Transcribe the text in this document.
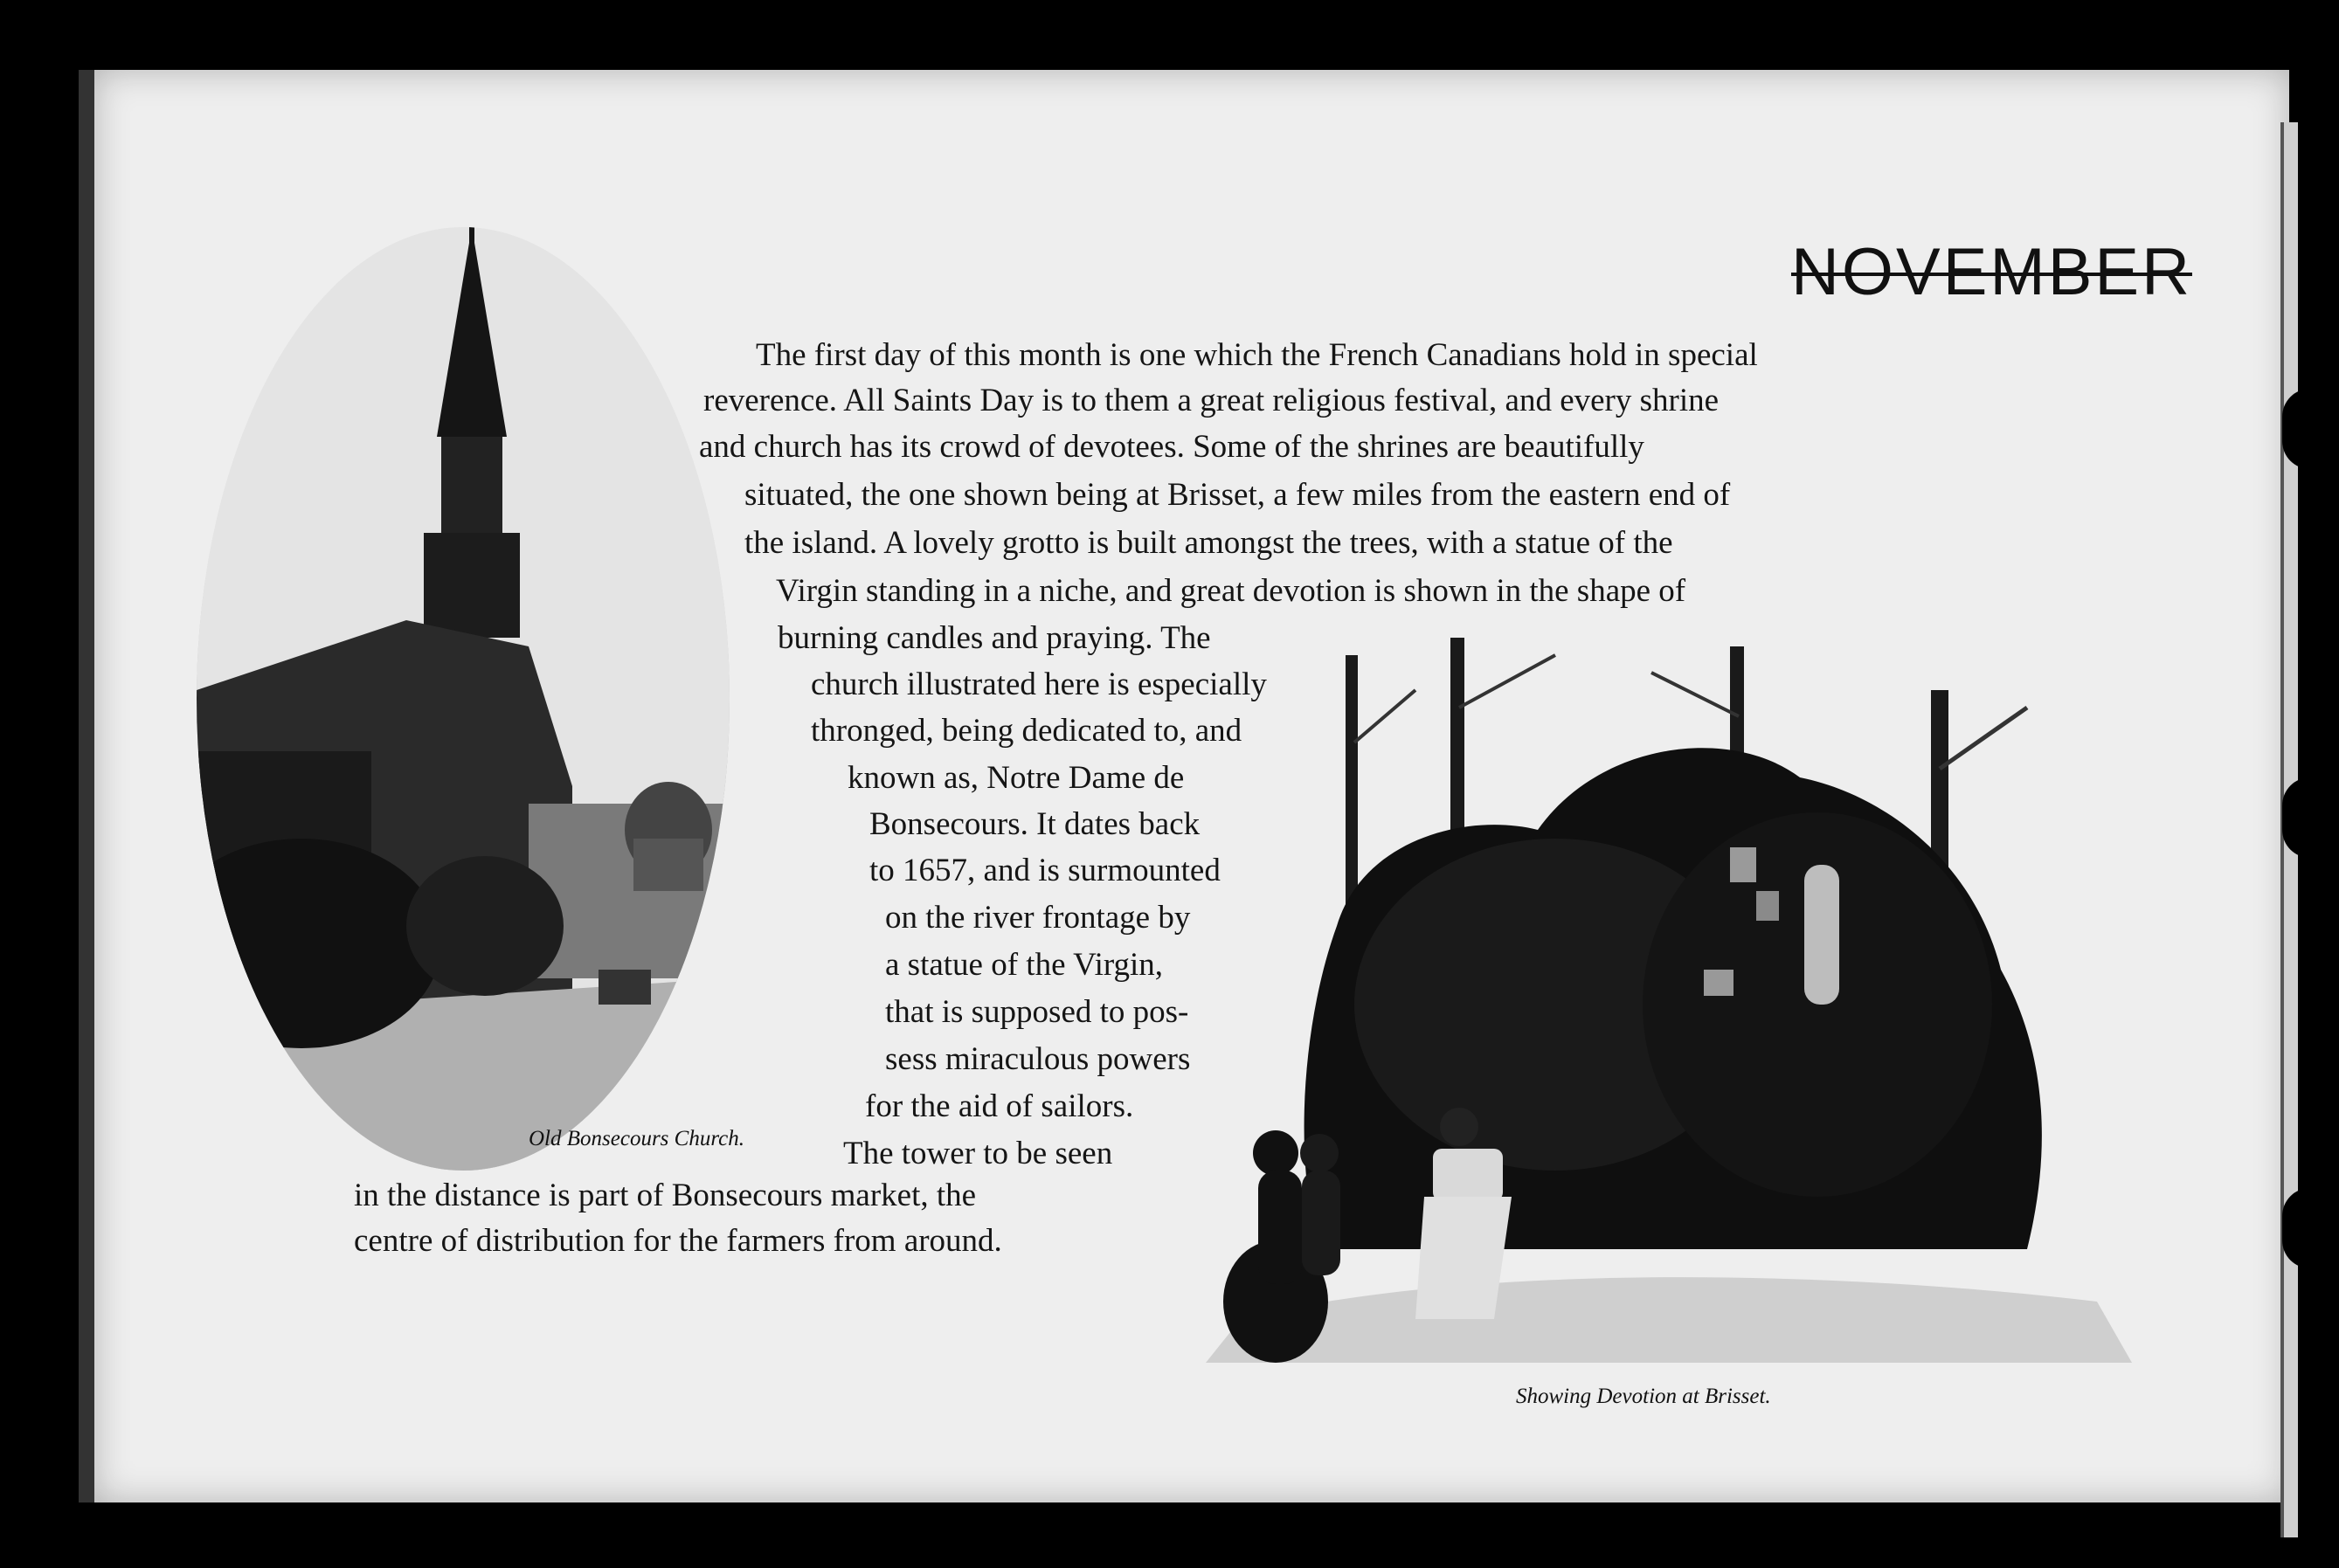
NOVEMBER
Old Bonsecours Church.
Showing Devotion at Brisset.
The first day of this month is one which the French Canadians hold in special
reverence. All Saints Day is to them a great religious festival, and every shrine
and church has its crowd of devotees. Some of the shrines are beautifully
situated, the one shown being at Brisset, a few miles from the eastern end of
the island. A lovely grotto is built amongst the trees, with a statue of the
Virgin standing in a niche, and great devotion is shown in the shape of
burning candles and praying. The
church illustrated here is especially
thronged, being dedicated to, and
known as, Notre Dame de
Bonsecours. It dates back
to 1657, and is surmounted
on the river frontage by
a statue of the Virgin,
that is supposed to pos-
sess miraculous powers
for the aid of sailors.
The tower to be seen
in the distance is part of Bonsecours market, the
centre of distribution for the farmers from around.
